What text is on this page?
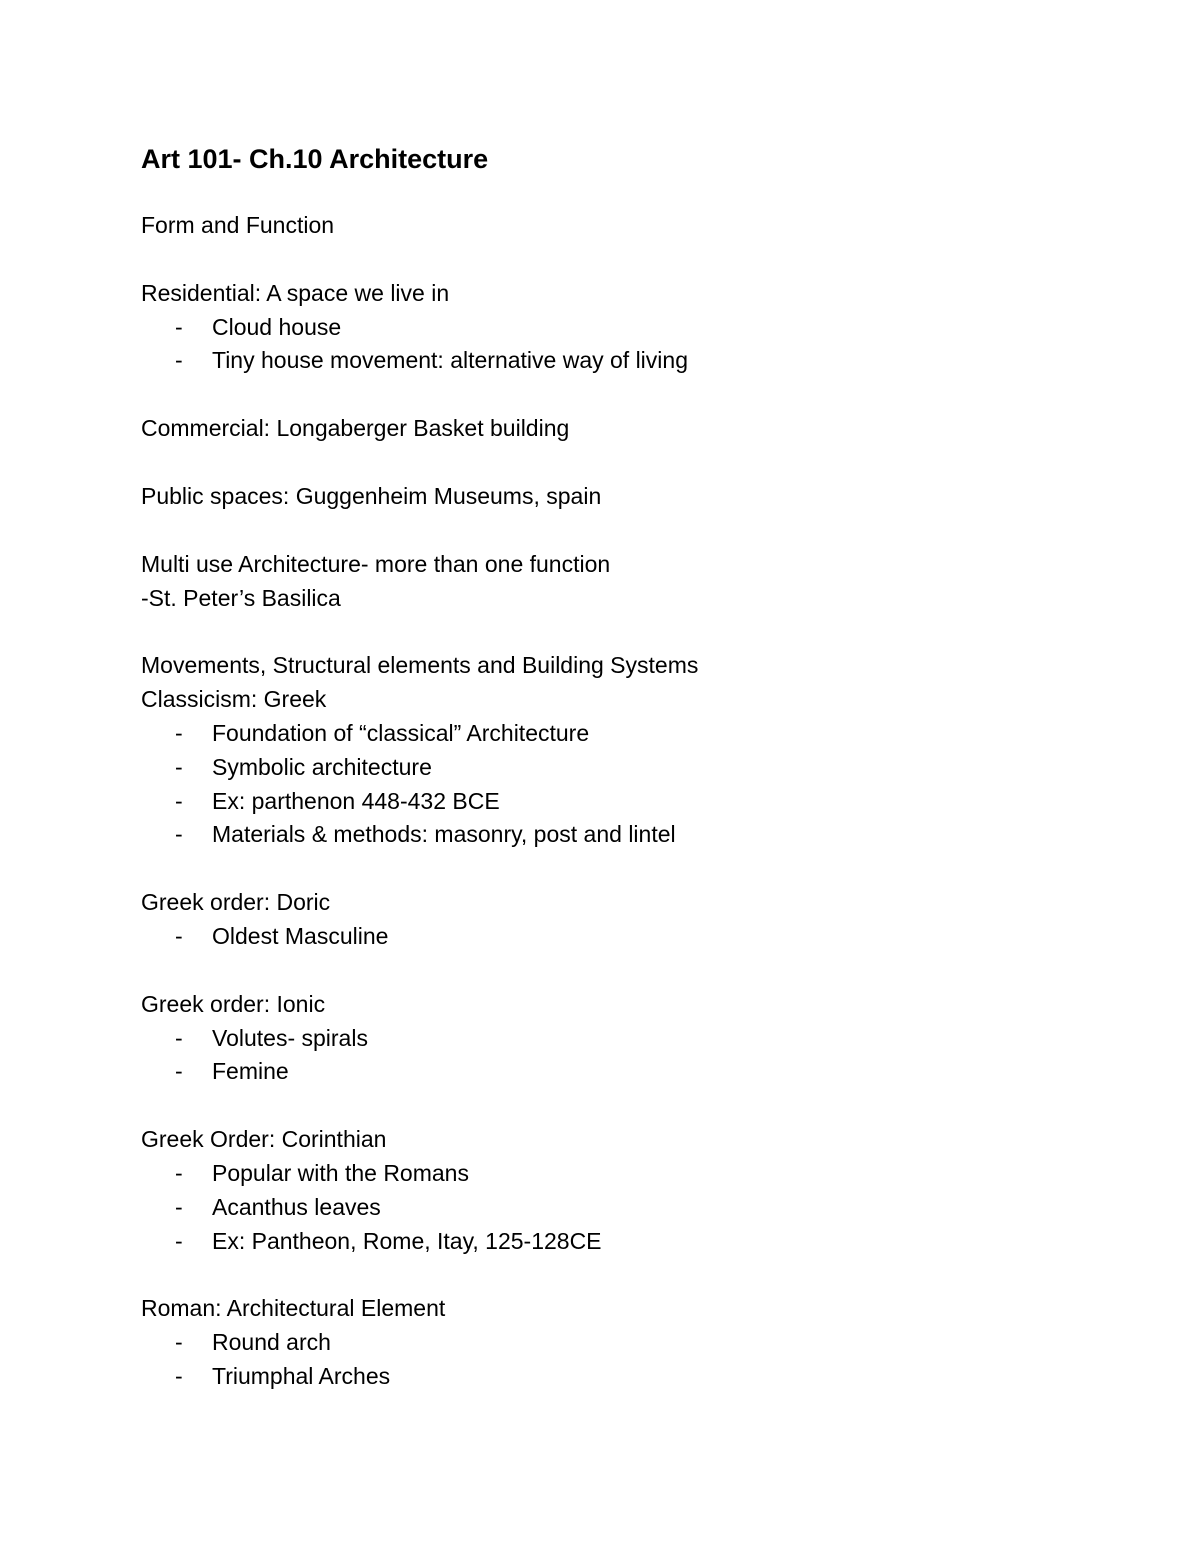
Art 101- Ch.10 Architecture
Form and Function
Residential: A space we live in
- Cloud house
- Tiny house movement: alternative way of living
Commercial: Longaberger Basket building
Public spaces: Guggenheim Museums, spain
Multi use Architecture- more than one function
-St. Peter’s Basilica
Movements, Structural elements and Building Systems
Classicism: Greek
- Foundation of “classical” Architecture
- Symbolic architecture
- Ex: parthenon 448-432 BCE
- Materials & methods: masonry, post and lintel
Greek order: Doric
- Oldest Masculine
Greek order: Ionic
- Volutes- spirals
- Femine
Greek Order: Corinthian
- Popular with the Romans
- Acanthus leaves
- Ex: Pantheon, Rome, Itay, 125-128CE
Roman: Architectural Element
- Round arch
- Triumphal Arches
